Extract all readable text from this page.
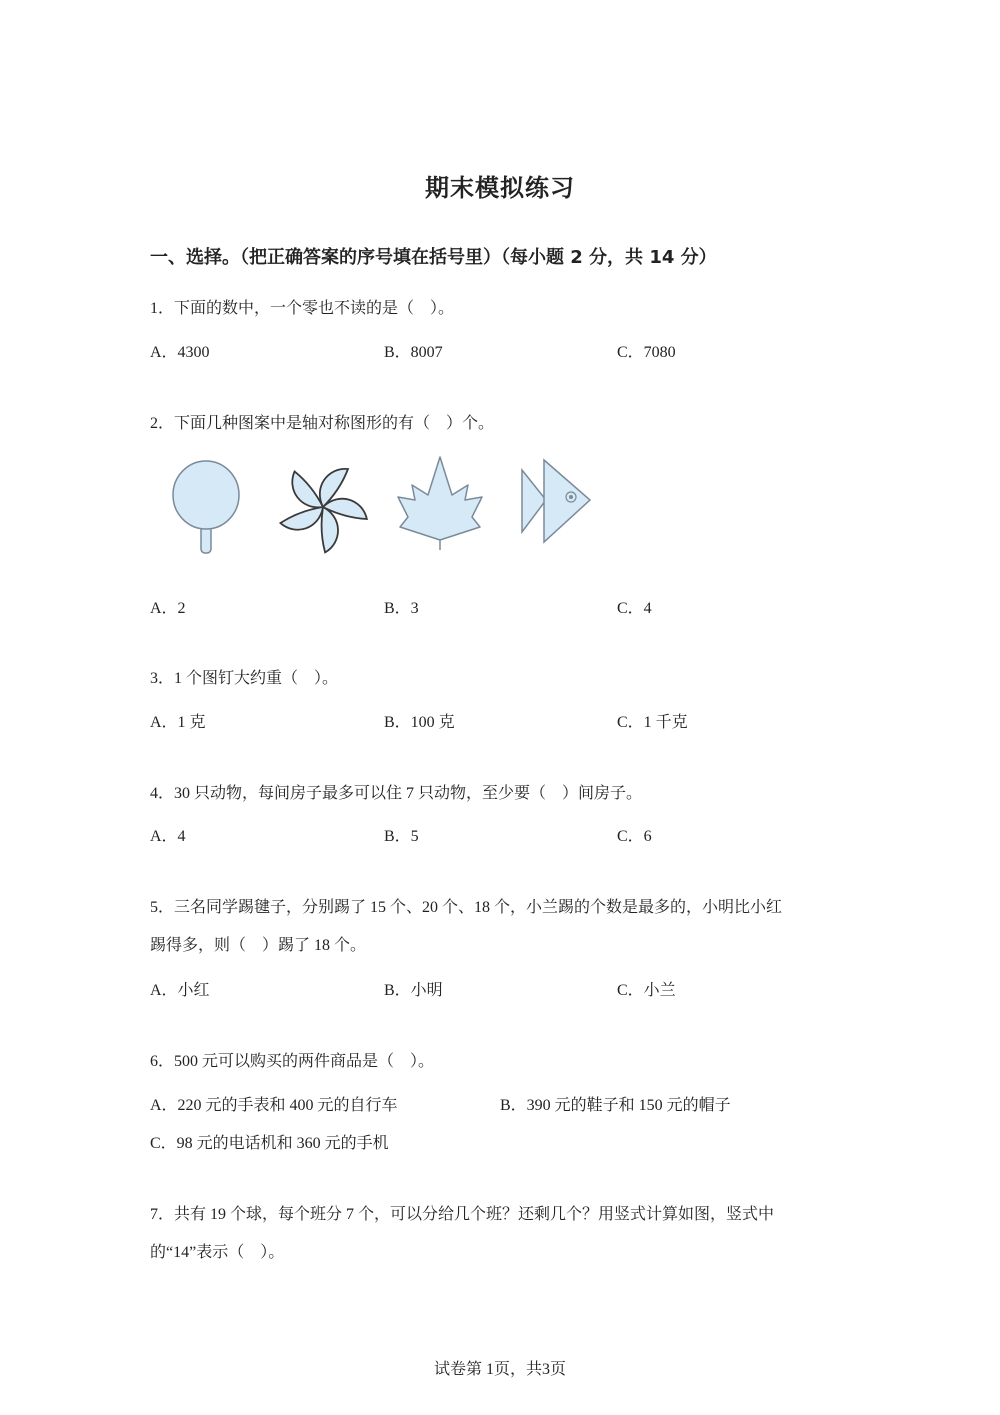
期末模拟练习
一、选择。（把正确答案的序号填在括号里）（每小题 2 分，共 14 分）
1．下面的数中，一个零也不读的是（　）。
A．4300	B．8007	C．7080
2．下面几种图案中是轴对称图形的有（　）个。
A．2	B．3	C．4
3．1 个图钉大约重（　）。
A．1 克	B．100 克	C．1 千克
4．30 只动物，每间房子最多可以住 7 只动物，至少要（　）间房子。
A．4	B．5	C．6
5．三名同学踢毽子，分别踢了 15 个、20 个、18 个，小兰踢的个数是最多的，小明比小红
踢得多，则（　）踢了 18 个。
A．小红	B．小明	C．小兰
6．500 元可以购买的两件商品是（　）。
A．220 元的手表和 400 元的自行车	B．390 元的鞋子和 150 元的帽子
C．98 元的电话机和 360 元的手机
7．共有 19 个球，每个班分 7 个，可以分给几个班？还剩几个？用竖式计算如图，竖式中
的“14”表示（　）。
试卷第 1页，共3页
